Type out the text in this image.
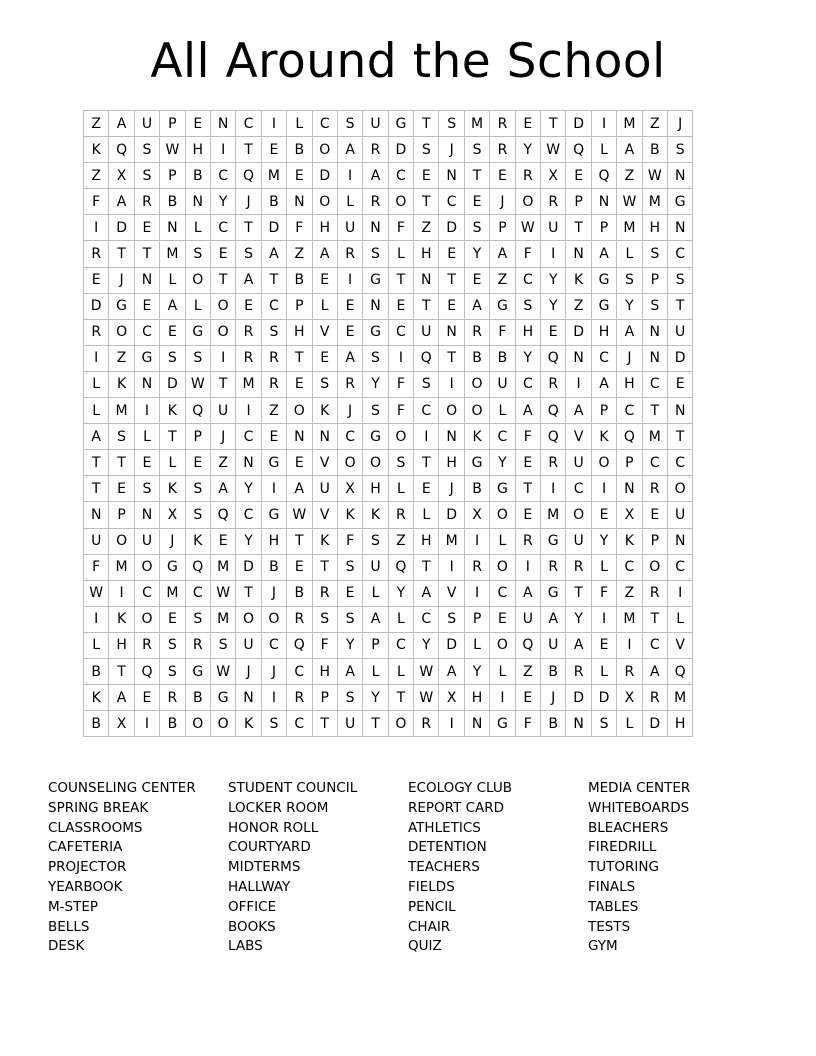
All Around the School
Z	A	U	P	E	N	C	I	L	C	S	U	G	T	S	M	R	E	T	D	I	M	Z	J
K	Q	S	W	H	I	T	E	B	O	A	R	D	S	J	S	R	Y	W	Q	L	A	B	S
Z	X	S	P	B	C	Q	M	E	D	I	A	C	E	N	T	E	R	X	E	Q	Z	W	N
F	A	R	B	N	Y	J	B	N	O	L	R	O	T	C	E	J	O	R	P	N	W	M	G
I	D	E	N	L	C	T	D	F	H	U	N	F	Z	D	S	P	W	U	T	P	M	H	N
R	T	T	M	S	E	S	A	Z	A	R	S	L	H	E	Y	A	F	I	N	A	L	S	C
E	J	N	L	O	T	A	T	B	E	I	G	T	N	T	E	Z	C	Y	K	G	S	P	S
D	G	E	A	L	O	E	C	P	L	E	N	E	T	E	A	G	S	Y	Z	G	Y	S	T
R	O	C	E	G	O	R	S	H	V	E	G	C	U	N	R	F	H	E	D	H	A	N	U
I	Z	G	S	S	I	R	R	T	E	A	S	I	Q	T	B	B	Y	Q	N	C	J	N	D
L	K	N	D	W	T	M	R	E	S	R	Y	F	S	I	O	U	C	R	I	A	H	C	E
L	M	I	K	Q	U	I	Z	O	K	J	S	F	C	O	O	L	A	Q	A	P	C	T	N
A	S	L	T	P	J	C	E	N	N	C	G	O	I	N	K	C	F	Q	V	K	Q	M	T
T	T	E	L	E	Z	N	G	E	V	O	O	S	T	H	G	Y	E	R	U	O	P	C	C
T	E	S	K	S	A	Y	I	A	U	X	H	L	E	J	B	G	T	I	C	I	N	R	O
N	P	N	X	S	Q	C	G	W	V	K	K	R	L	D	X	O	E	M	O	E	X	E	U
U	O	U	J	K	E	Y	H	T	K	F	S	Z	H	M	I	L	R	G	U	Y	K	P	N
F	M	O	G	Q	M	D	B	E	T	S	U	Q	T	I	R	O	I	R	R	L	C	O	C
W	I	C	M	C	W	T	J	B	R	E	L	Y	A	V	I	C	A	G	T	F	Z	R	I
I	K	O	E	S	M	O	O	R	S	S	A	L	C	S	P	E	U	A	Y	I	M	T	L
L	H	R	S	R	S	U	C	Q	F	Y	P	C	Y	D	L	O	Q	U	A	E	I	C	V
B	T	Q	S	G	W	J	J	C	H	A	L	L	W	A	Y	L	Z	B	R	L	R	A	Q
K	A	E	R	B	G	N	I	R	P	S	Y	T	W	X	H	I	E	J	D	D	X	R	M
B	X	I	B	O	O	K	S	C	T	U	T	O	R	I	N	G	F	B	N	S	L	D	H
COUNSELING CENTER	STUDENT COUNCIL	ECOLOGY CLUB	MEDIA CENTER
SPRING BREAK	LOCKER ROOM	REPORT CARD	WHITEBOARDS
CLASSROOMS	HONOR ROLL	ATHLETICS	BLEACHERS
CAFETERIA	COURTYARD	DETENTION	FIREDRILL
PROJECTOR	MIDTERMS	TEACHERS	TUTORING
YEARBOOK	HALLWAY	FIELDS	FINALS
M-STEP	OFFICE	PENCIL	TABLES
BELLS	BOOKS	CHAIR	TESTS
DESK	LABS	QUIZ	GYM
